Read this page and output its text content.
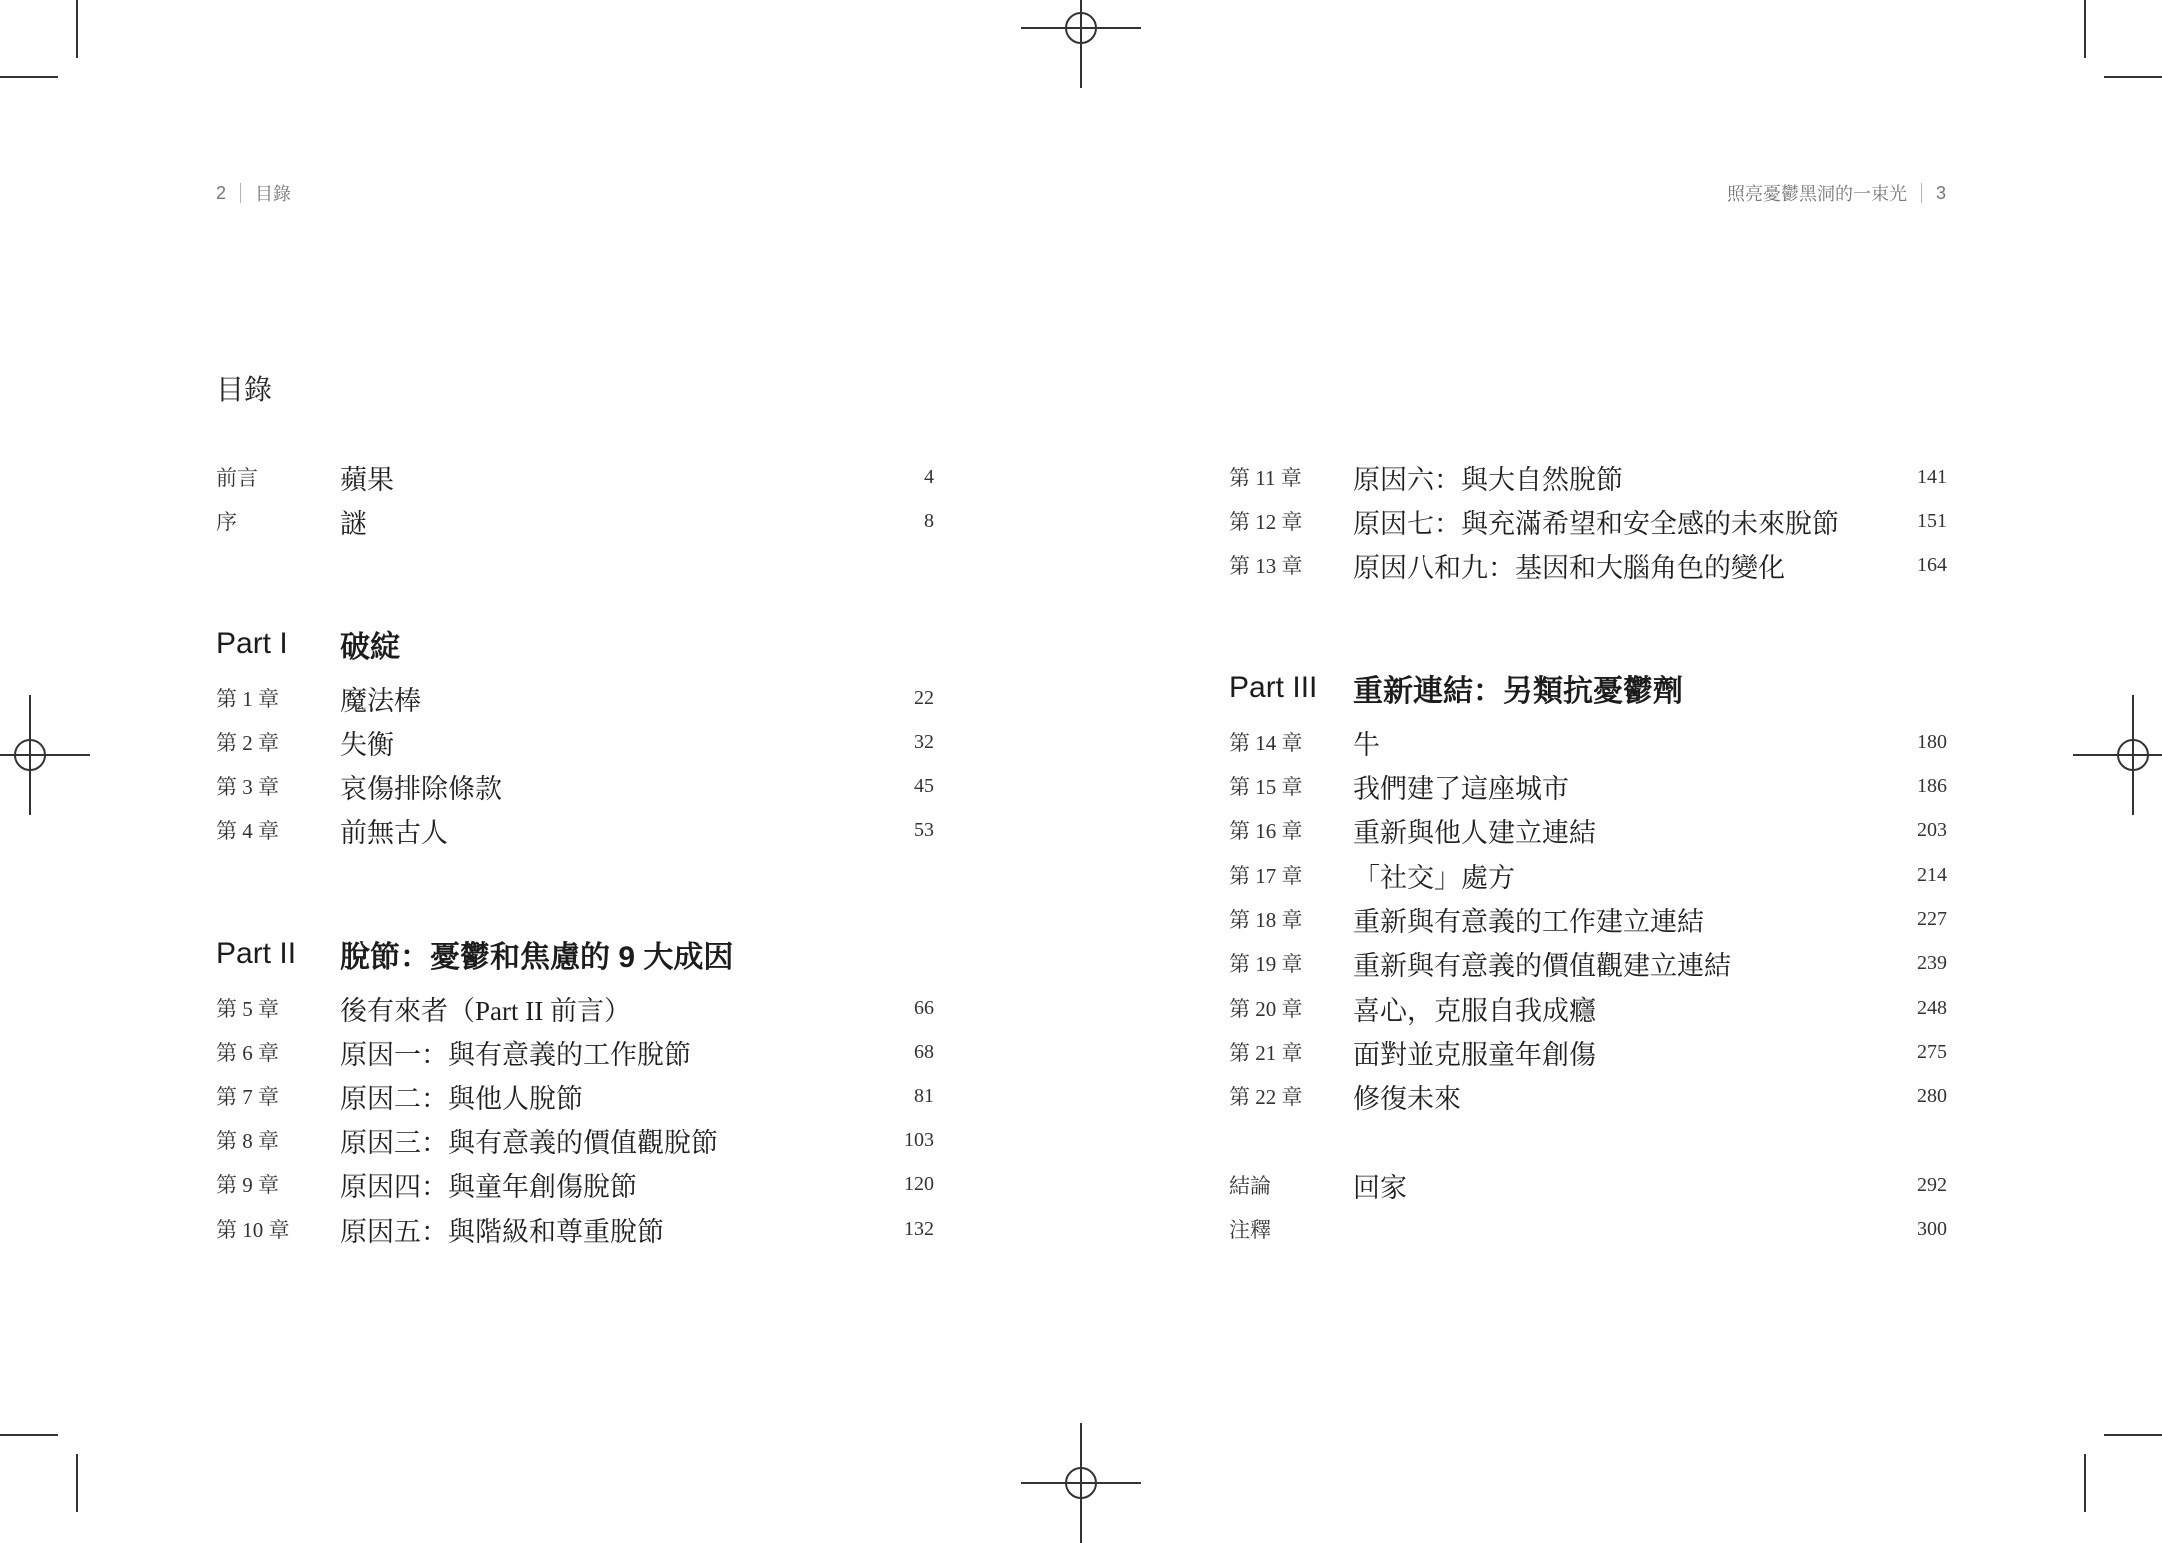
2 目錄	照亮憂鬱黑洞的一束光 3
目錄
前言	蘋果	4
序	謎	8
Part I	破綻
第 1 章	魔法棒	22
第 2 章	失衡	32
第 3 章	哀傷排除條款	45
第 4 章	前無古人	53
Part II	脫節：憂鬱和焦慮的 9 大成因
第 5 章	後有來者（Part II 前言）	66
第 6 章	原因一：與有意義的工作脫節	68
第 7 章	原因二：與他人脫節	81
第 8 章	原因三：與有意義的價值觀脫節	103
第 9 章	原因四：與童年創傷脫節	120
第 10 章	原因五：與階級和尊重脫節	132
第 11 章	原因六：與大自然脫節	141
第 12 章	原因七：與充滿希望和安全感的未來脫節	151
第 13 章	原因八和九：基因和大腦角色的變化	164
Part III	重新連結：另類抗憂鬱劑
第 14 章	牛	180
第 15 章	我們建了這座城市	186
第 16 章	重新與他人建立連結	203
第 17 章	「社交」處方	214
第 18 章	重新與有意義的工作建立連結	227
第 19 章	重新與有意義的價值觀建立連結	239
第 20 章	喜心，克服自我成癮	248
第 21 章	面對並克服童年創傷	275
第 22 章	修復未來	280
結論	回家	292
注釋	300
